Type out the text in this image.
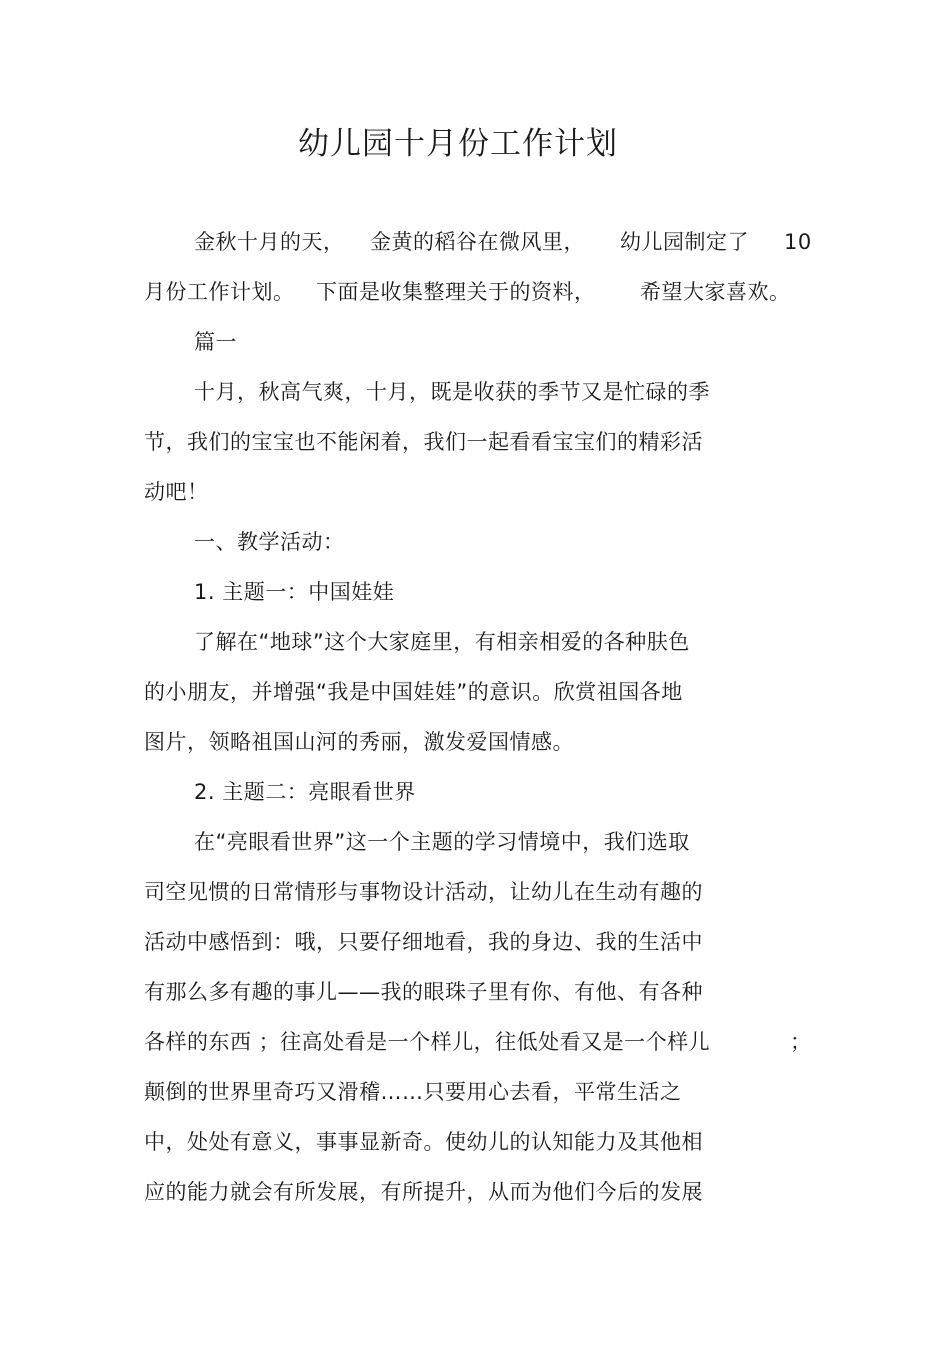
幼儿园十月份工作计划
金秋十月的天， 金黄的稻谷在微风里， 幼儿园制定了 10
月份工作计划。 下面是收集整理关于的资料， 希望大家喜欢。
篇一
十月，秋高气爽，十月，既是收获的季节又是忙碌的季
节，我们的宝宝也不能闲着，我们一起看看宝宝们的精彩活
动吧！
一、教学活动：
1. 主题一：中国娃娃
了解在“地球”这个大家庭里，有相亲相爱的各种肤色
的小朋友，并增强“我是中国娃娃”的意识。欣赏祖国各地
图片，领略祖国山河的秀丽，激发爱国情感。
2. 主题二：亮眼看世界
在“亮眼看世界”这一个主题的学习情境中，我们选取
司空见惯的日常情形与事物设计活动，让幼儿在生动有趣的
活动中感悟到：哦，只要仔细地看，我的身边、我的生活中
有那么多有趣的事儿——我的眼珠子里有你、有他、有各种
各样的东西 ；往高处看是一个样儿，往低处看又是一个样儿	；
颠倒的世界里奇巧又滑稽……只要用心去看，平常生活之
中，处处有意义，事事显新奇。使幼儿的认知能力及其他相
应的能力就会有所发展，有所提升，从而为他们今后的发展
